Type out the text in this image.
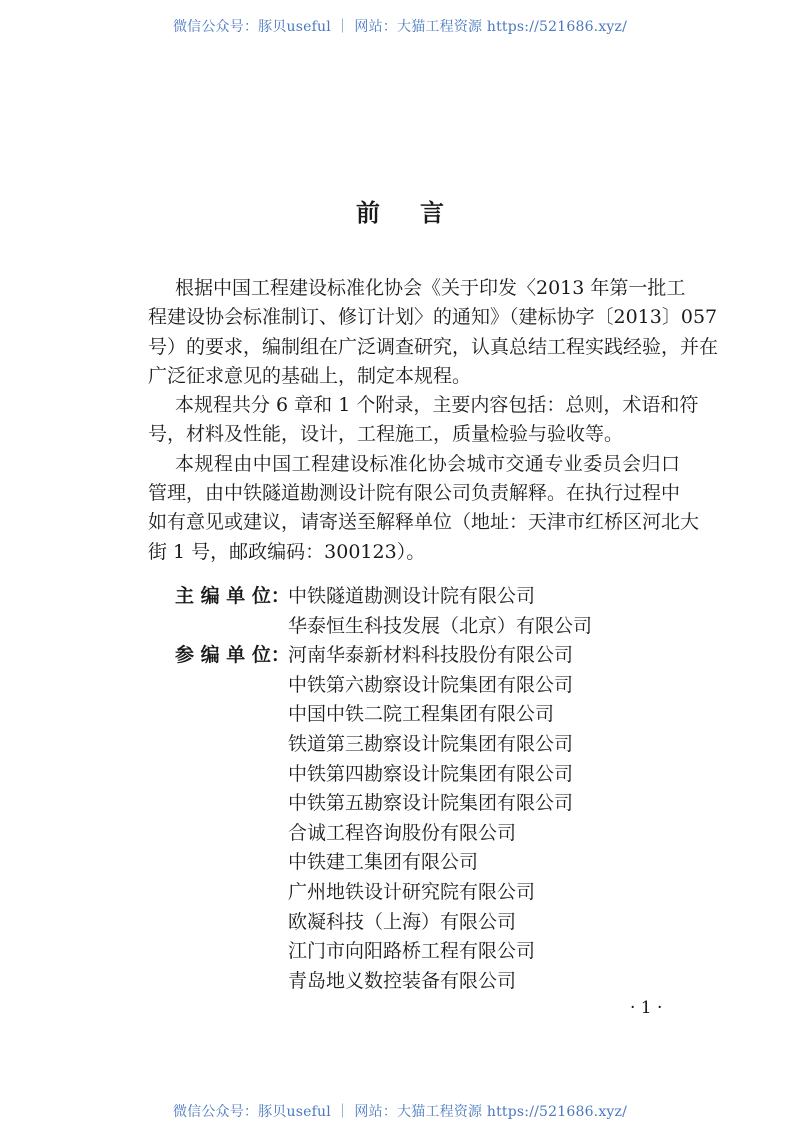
微信公众号：豚贝useful ｜ 网站：大猫工程资源 https://521686.xyz/
前言
根据中国工程建设标准化协会《关于印发〈2013 年第一批工
程建设协会标准制订、修订计划〉的通知》（建标协字〔2013〕057
号）的要求，编制组在广泛调查研究，认真总结工程实践经验，并在
广泛征求意见的基础上，制定本规程。
本规程共分 6 章和 1 个附录，主要内容包括：总则，术语和符
号，材料及性能，设计，工程施工，质量检验与验收等。
本规程由中国工程建设标准化协会城市交通专业委员会归口
管理，由中铁隧道勘测设计院有限公司负责解释。在执行过程中
如有意见或建议，请寄送至解释单位（地址：天津市红桥区河北大
街 1 号，邮政编码：300123）。
主 编 单 位：
中铁隧道勘测设计院有限公司
华泰恒生科技发展（北京）有限公司
参 编 单 位：
河南华泰新材料科技股份有限公司
中铁第六勘察设计院集团有限公司
中国中铁二院工程集团有限公司
铁道第三勘察设计院集团有限公司
中铁第四勘察设计院集团有限公司
中铁第五勘察设计院集团有限公司
合诚工程咨询股份有限公司
中铁建工集团有限公司
广州地铁设计研究院有限公司
欧凝科技（上海）有限公司
江门市向阳路桥工程有限公司
青岛地义数控装备有限公司
· 1 ·
微信公众号：豚贝useful ｜ 网站：大猫工程资源 https://521686.xyz/
